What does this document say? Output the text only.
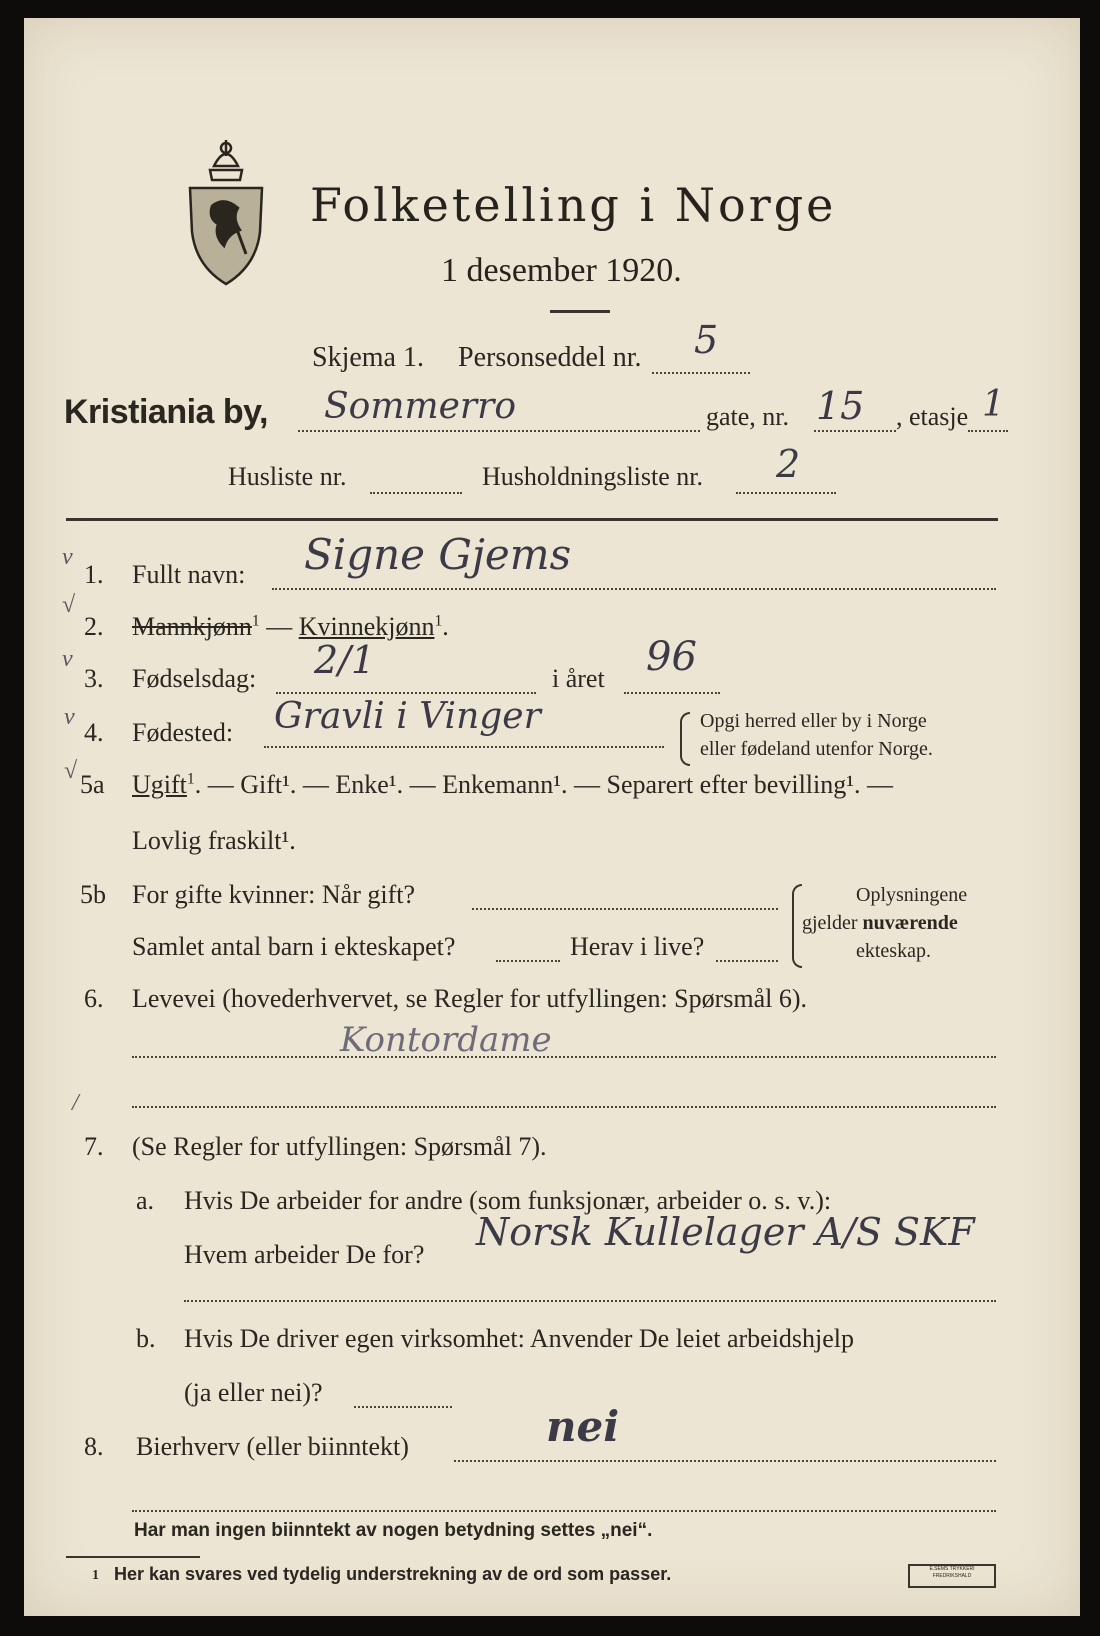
Folketelling i Norge
1 desember 1920.
Skjema 1. Personseddel nr. 5
Kristiania by, Sommerro	gate, nr. 15 , etasje 1
Husliste nr.	Husholdningsliste nr. 2
v
√
v
v
√
/
1. Fullt navn: Signe Gjems
2. Mannkjønn$^1$ — Kvinnekjønn$^1$.
3. Fødselsdag: 2/1	i året 96
4. Fødested: Gravli i Vinger	Opgi herred eller by i Norge
eller fødeland utenfor Norge.
5a Ugift$^1$. — Gift¹. — Enke¹. — Enkemann¹. — Separert efter bevilling¹. —
Lovlig fraskilt¹.
5b For gifte kvinner: Når gift?
Samlet antal barn i ekteskapet?	Herav i live?
Oplysningene
gjelder nuværende
ekteskap.
6. Levevei (hovederhvervet, se Regler for utfyllingen: Spørsmål 6).
Kontordame
7. (Se Regler for utfyllingen: Spørsmål 7).
a. Hvis De arbeider for andre (som funksjonær, arbeider o. s. v.):
Hvem arbeider De for?
Norsk Kullelager A/S SKF
b. Hvis De driver egen virksomhet: Anvender De leiet arbeidshjelp
(ja eller nei)?
8. Bierhverv (eller biinntekt)	nei
Har man ingen biinntekt av nogen betydning settes „nei“.
1 Her kan svares ved tydelig understrekning av de ord som passer.	E.SEMS TRYKKERI FREDRIKSHALD
